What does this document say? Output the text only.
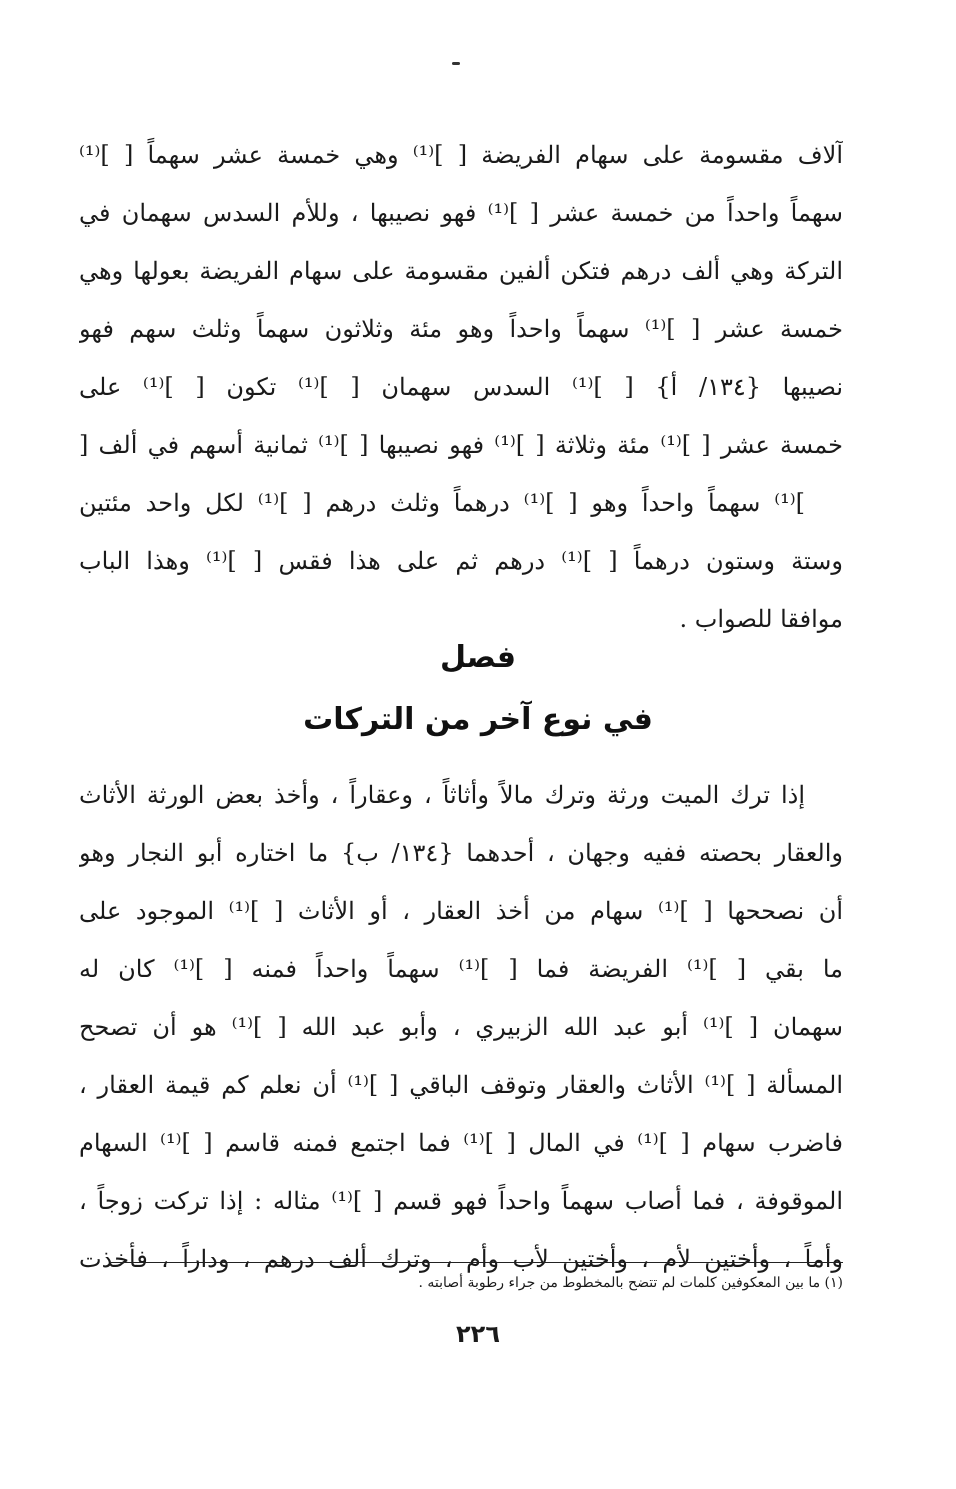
آلاف مقسومة على سهام الفريضة [ ]⁽¹⁾ وهي خمسة عشر سهماً [ ]⁽¹⁾
سهماً واحداً من خمسة عشر [ ]⁽¹⁾ فهو نصيبها ، وللأم السدس سهمان في
التركة وهي ألف درهم فتكن ألفين مقسومة على سهام الفريضة بعولها وهي
خمسة عشر [ ]⁽¹⁾ سهماً واحداً وهو مئة وثلاثون سهماً وثلث سهم فهو
نصيبها {١٣٤/ أ} [ ]⁽¹⁾ السدس سهمان [ ]⁽¹⁾ تكون [ ]⁽¹⁾ على
خمسة عشر [ ]⁽¹⁾ مئة وثلاثة [ ]⁽¹⁾ فهو نصيبها [ ]⁽¹⁾ ثمانية أسهم في ألف [
]⁽¹⁾ سهماً واحداً وهو [ ]⁽¹⁾ درهماً وثلث درهم [ ]⁽¹⁾ لكل واحد مئتين
وستة وستون درهماً [ ]⁽¹⁾ درهم ثم على هذا فقس [ ]⁽¹⁾ وهذا الباب
موافقا للصواب .
فصل
في نوع آخر من التركات
إذا ترك الميت ورثة وترك مالاً وأثاثاً ، وعقاراً ، وأخذ بعض الورثة الأثاث
والعقار بحصته ففيه وجهان ، أحدهما {١٣٤/ ب} ما اختاره أبو النجار وهو
أن نصححها [ ]⁽¹⁾ سهام من أخذ العقار ، أو الأثاث [ ]⁽¹⁾ الموجود على
ما بقي [ ]⁽¹⁾ الفريضة فما [ ]⁽¹⁾ سهماً واحداً فمنه [ ]⁽¹⁾ كان له
سهمان [ ]⁽¹⁾ أبو عبد الله الزبيري ، وأبو عبد الله [ ]⁽¹⁾ هو أن تصحح
المسألة [ ]⁽¹⁾ الأثاث والعقار وتوقف الباقي [ ]⁽¹⁾ أن نعلم كم قيمة العقار ،
فاضرب سهام [ ]⁽¹⁾ في المال [ ]⁽¹⁾ فما اجتمع فمنه قاسم [ ]⁽¹⁾ السهام
الموقوفة ، فما أصاب سهماً واحداً فهو قسم [ ]⁽¹⁾ مثاله : إذا تركت زوجاً ،
وأماً ، وأختين لأم ، وأختين لأب وأم ، وترك ألف درهم ، وداراً ، فأخذت
(١) ما بين المعكوفين كلمات لم تتضح بالمخطوط من جراء رطوبة أصابته .
٢٢٦
